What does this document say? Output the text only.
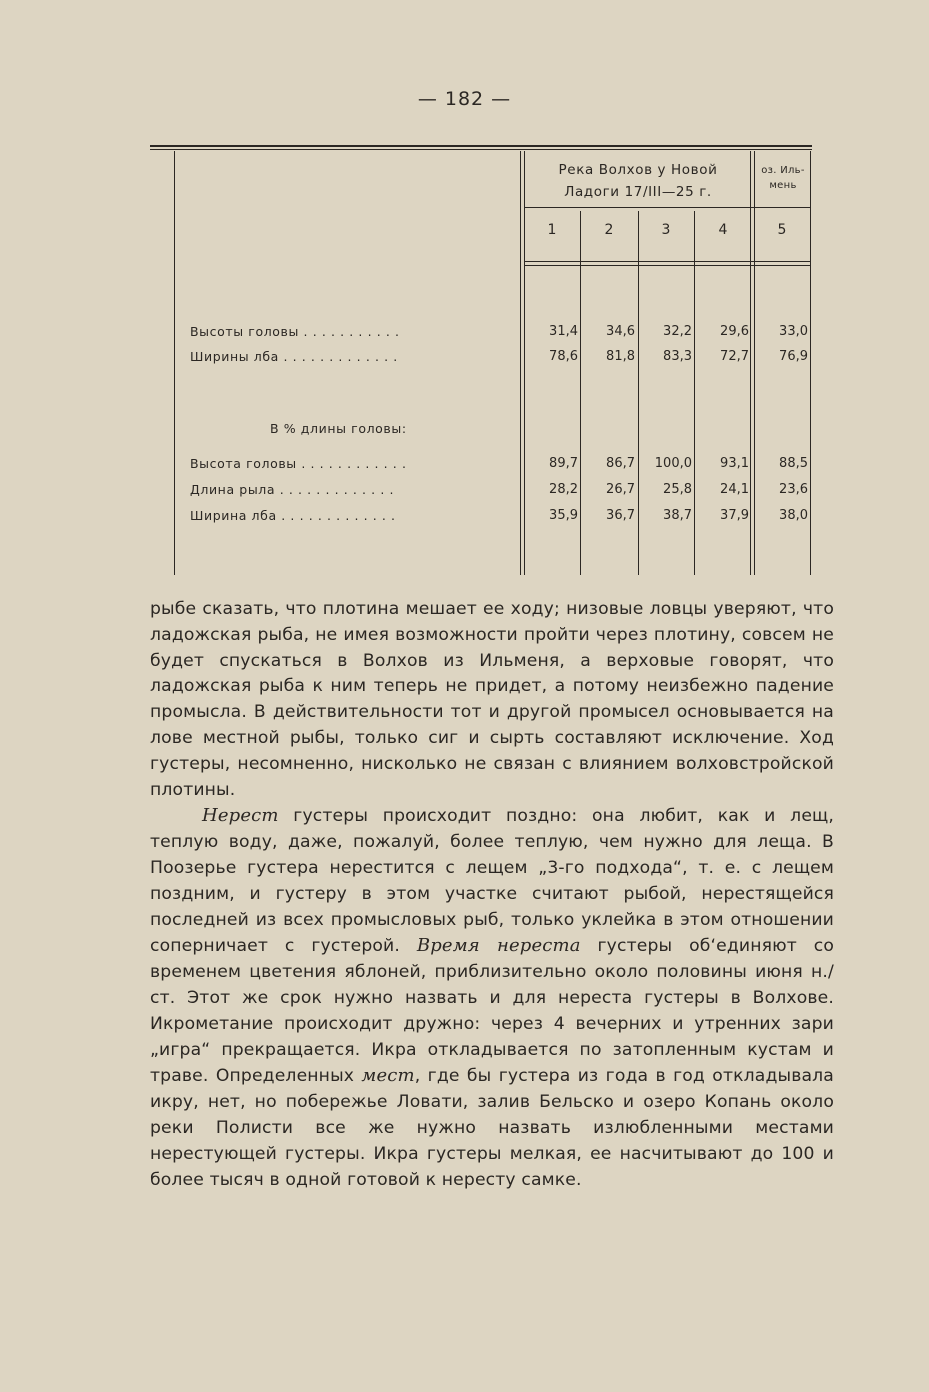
— 182 —
Река Волхов у Новой
Ладоги 17/III—25 г.
оз. Иль-
мень
1	2	3	4	5
Высоты головы . . . . . . . . . . .	31,4	34,6	32,2	29,6	33,0
Ширины лба . . . . . . . . . . . . .	78,6	81,8	83,3	72,7	76,9
В % длины головы:
Высота головы . . . . . . . . . . . .	89,7	86,7	100,0	93,1	88,5
Длина рыла . . . . . . . . . . . . .	28,2	26,7	25,8	24,1	23,6
Ширина лба . . . . . . . . . . . . .	35,9	36,7	38,7	37,9	38,0

рыбе сказать, что плотина мешает ее ходу; низовые ловцы уверяют, что ладожская рыба, не имея возможности пройти через плотину, совсем не будет спускаться в Волхов из Ильменя, а верховые говорят, что ладожская рыба к ним теперь не придет, а потому неизбежно падение промысла. В действительности тот и другой промысел основывается на лове местной рыбы, только сиг и сырть составляют исключение. Ход густеры, несомненно, нисколько не связан с влиянием волховстройской плотины.

Нерест густеры происходит поздно: она любит, как и лещ, теплую воду, даже, пожалуй, более теплую, чем нужно для леща. В Поозерье густера нерестится с лещем „3-го подхода“, т. е. с лещем поздним, и густеру в этом участке считают рыбой, нерестящейся последней из всех промысловых рыб, только уклейка в этом отношении соперничает с густерой. Время нереста густеры об‘единяют со временем цветения яблоней, приблизительно около половины июня н./ст. Этот же срок нужно назвать и для нереста густеры в Волхове. Икрометание происходит дружно: через 4 вечерних и утренних зари „игра“ прекращается. Икра откладывается по затопленным кустам и траве. Определенных мест, где бы густера из года в год откладывала икру, нет, но побережье Ловати, залив Бельско и озеро Копань около реки Полисти все же нужно назвать излюбленными местами нерестующей густеры. Икра густеры мелкая, ее насчитывают до 100 и более тысяч в одной готовой к нересту самке.
